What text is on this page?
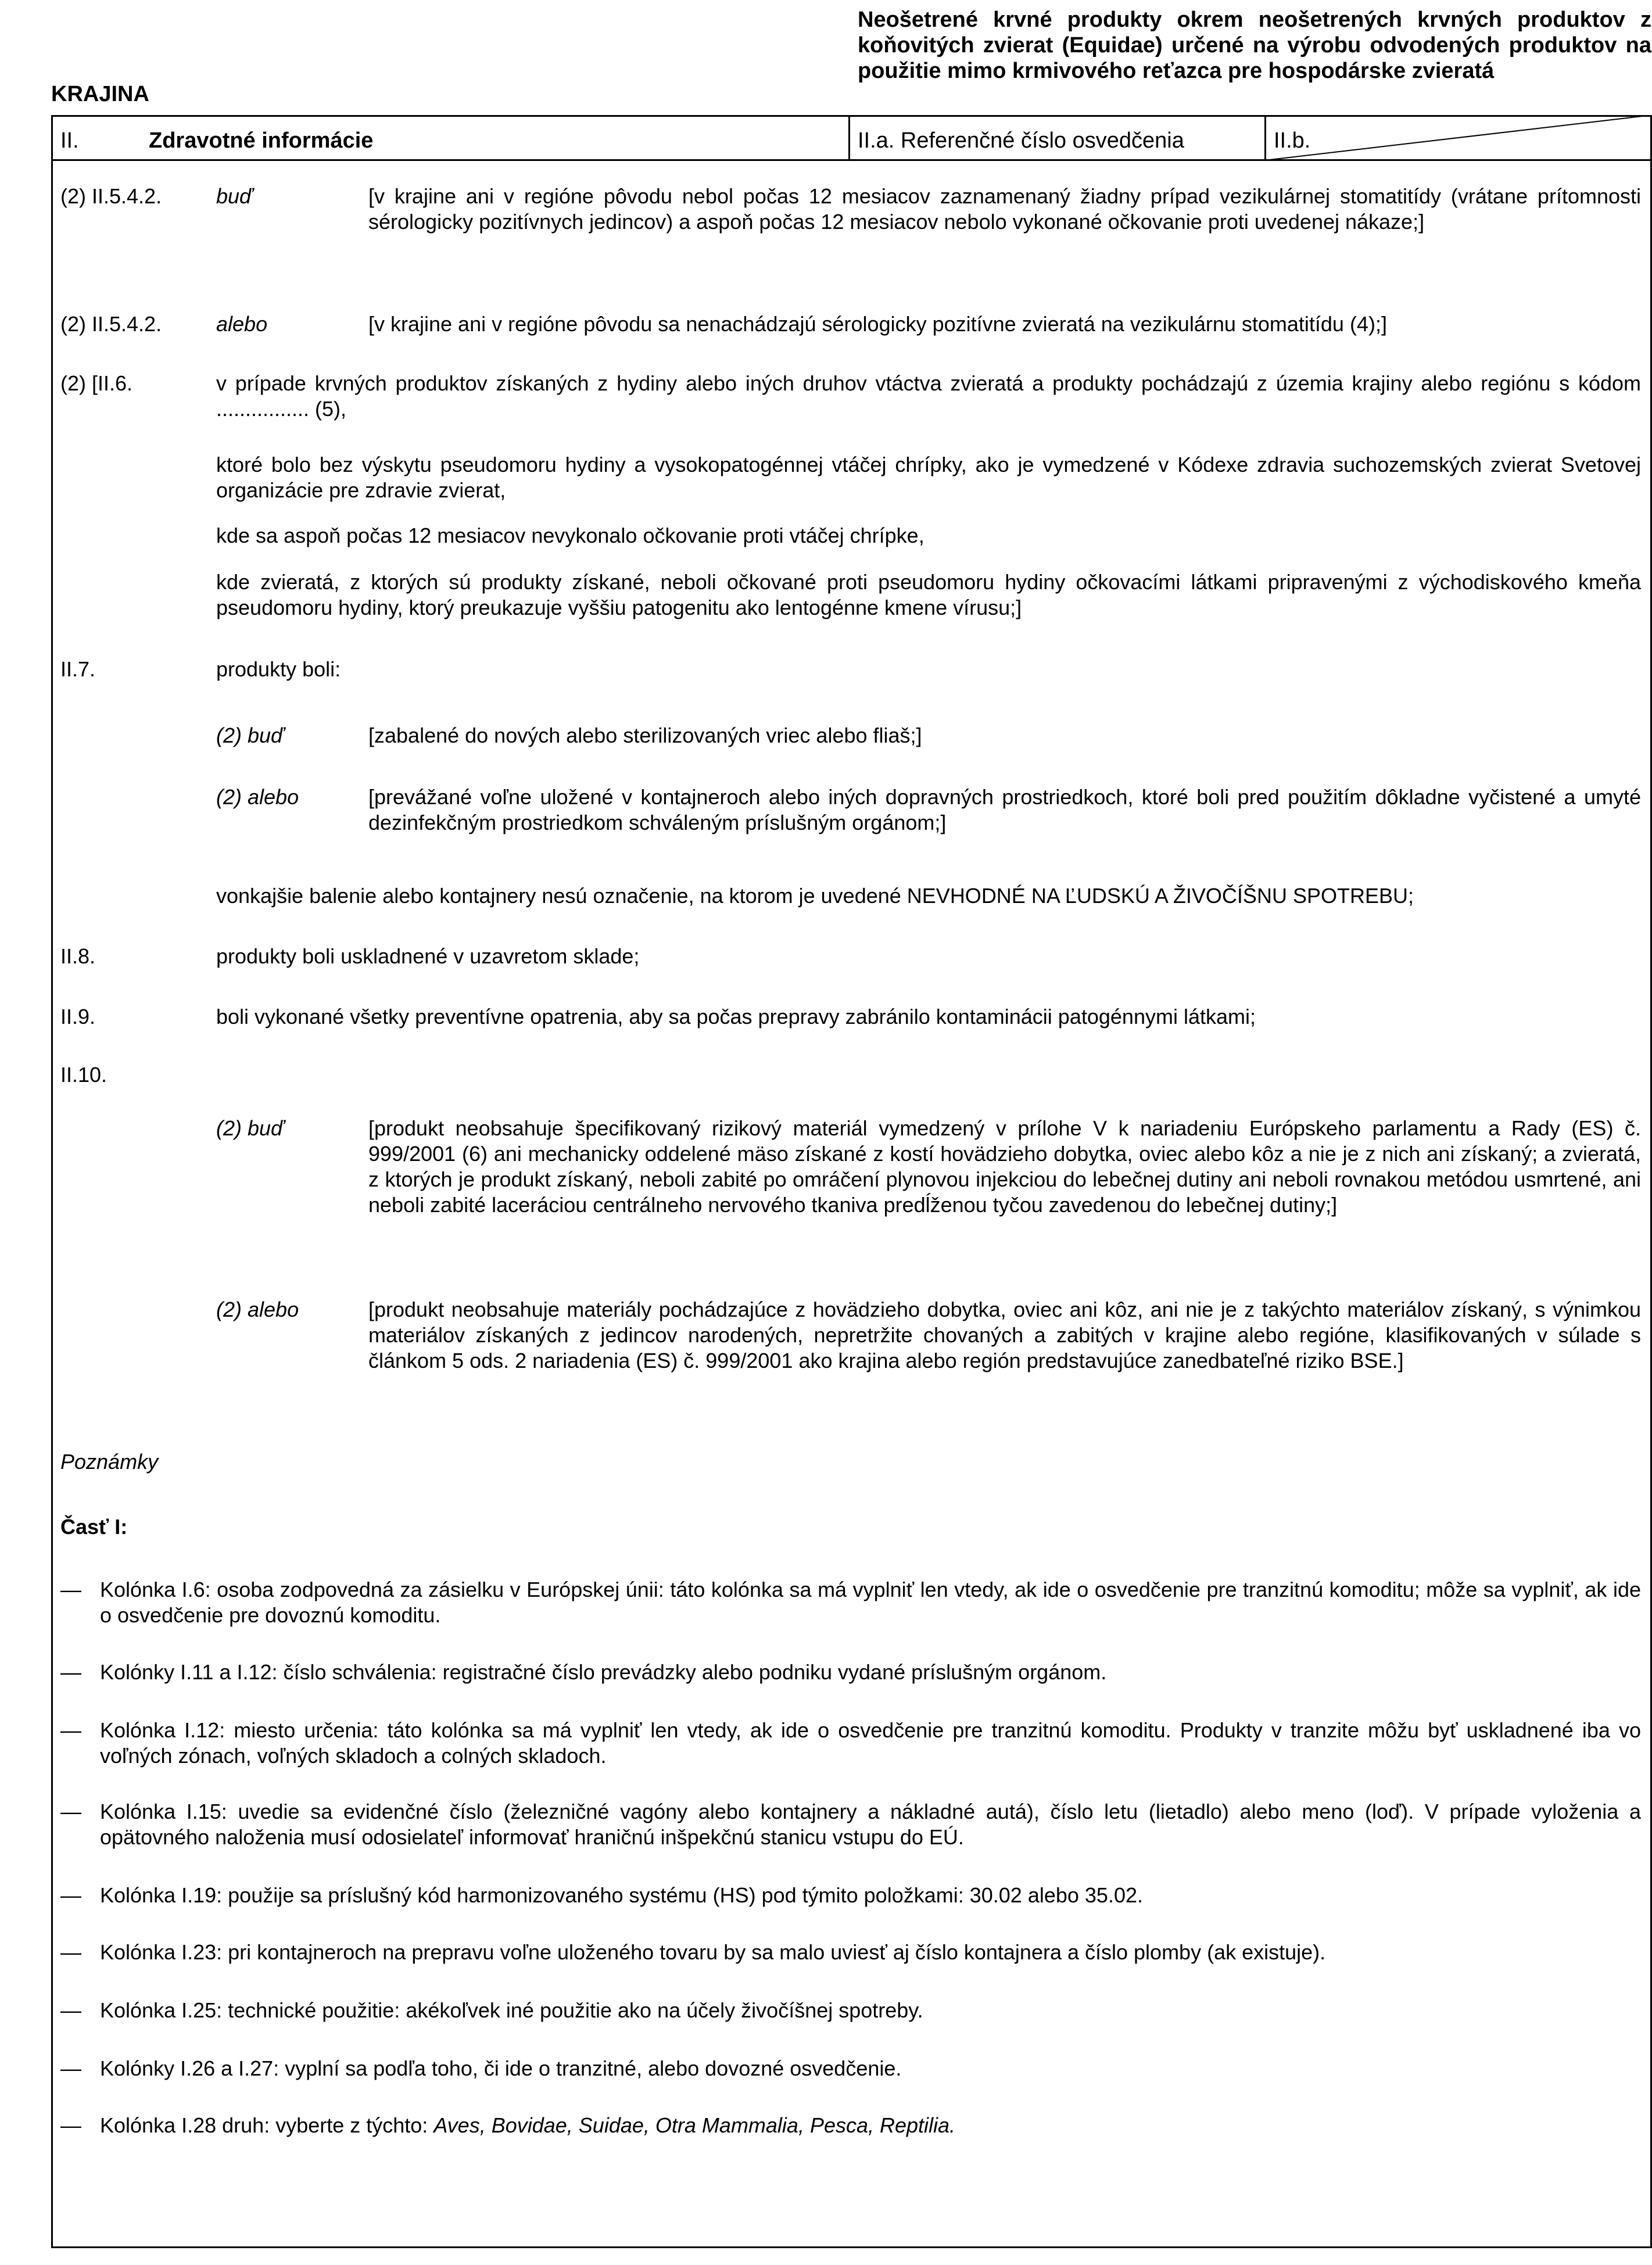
KRAJINA
Neošetrené krvné produkty okrem neošetrených krvných produktov z koňovitých zvierat (Equidae) určené na výrobu odvodených produktov na použitie mimo krmivového reťazca pre hospodárske zvieratá
II.	Zdravotné informácie	II.a. Referenčné číslo osvedčenia	II.b.
(2) II.5.4.2.	buď	[v krajine ani v regióne pôvodu nebol počas 12 mesiacov zaznamenaný žiadny prípad vezikulárnej stomatitídy (vrátane prítomnosti sérologicky pozitívnych jedincov) a aspoň počas 12 mesiacov nebolo vykonané očkovanie proti uvedenej nákaze;]
(2) II.5.4.2.	alebo	[v krajine ani v regióne pôvodu sa nenachádzajú sérologicky pozitívne zvieratá na vezikulárnu stomatitídu (4);]
(2) [II.6.	v prípade krvných produktov získaných z hydiny alebo iných druhov vtáctva zvieratá a produkty pochádzajú z územia krajiny alebo regiónu s kódom ................ (5),
ktoré bolo bez výskytu pseudomoru hydiny a vysokopatogénnej vtáčej chrípky, ako je vymedzené v Kódexe zdravia suchozemských zvierat Svetovej organizácie pre zdravie zvierat,
kde sa aspoň počas 12 mesiacov nevykonalo očkovanie proti vtáčej chrípke,
kde zvieratá, z ktorých sú produkty získané, neboli očkované proti pseudomoru hydiny očkovacími látkami pripravenými z východiskového kmeňa pseudomoru hydiny, ktorý preukazuje vyššiu patogenitu ako lentogénne kmene vírusu;]
II.7.	produkty boli:
(2) buď	[zabalené do nových alebo sterilizovaných vriec alebo fliaš;]
(2) alebo	[prevážané voľne uložené v kontajneroch alebo iných dopravných prostriedkoch, ktoré boli pred použitím dôkladne vyčistené a umyté dezinfekčným prostriedkom schváleným príslušným orgánom;]
vonkajšie balenie alebo kontajnery nesú označenie, na ktorom je uvedené NEVHODNÉ NA ĽUDSKÚ A ŽIVOČÍŠNU SPOTREBU;
II.8.	produkty boli uskladnené v uzavretom sklade;
II.9.	boli vykonané všetky preventívne opatrenia, aby sa počas prepravy zabránilo kontaminácii patogénnymi látkami;
II.10.
(2) buď	[produkt neobsahuje špecifikovaný rizikový materiál vymedzený v prílohe V k nariadeniu Európskeho parlamentu a Rady (ES) č. 999/2001 (6) ani mechanicky oddelené mäso získané z kostí hovädzieho dobytka, oviec alebo kôz a nie je z nich ani získaný; a zvieratá, z ktorých je produkt získaný, neboli zabité po omráčení plynovou injekciou do lebečnej dutiny ani neboli rovnakou metódou usmrtené, ani neboli zabité laceráciou centrálneho nervového tkaniva predĺženou tyčou zavedenou do lebečnej dutiny;]
(2) alebo	[produkt neobsahuje materiály pochádzajúce z hovädzieho dobytka, oviec ani kôz, ani nie je z takýchto materiálov získaný, s výnimkou materiálov získaných z jedincov narodených, nepretržite chovaných a zabitých v krajine alebo regióne, klasifikovaných v súlade s článkom 5 ods. 2 nariadenia (ES) č. 999/2001 ako krajina alebo región predstavujúce zanedbateľné riziko BSE.]
Poznámky
Časť I:
— Kolónka I.6: osoba zodpovedná za zásielku v Európskej únii: táto kolónka sa má vyplniť len vtedy, ak ide o osvedčenie pre tranzitnú komoditu; môže sa vyplniť, ak ide o osvedčenie pre dovoznú komoditu.
— Kolónky I.11 a I.12: číslo schválenia: registračné číslo prevádzky alebo podniku vydané príslušným orgánom.
— Kolónka I.12: miesto určenia: táto kolónka sa má vyplniť len vtedy, ak ide o osvedčenie pre tranzitnú komoditu. Produkty v tranzite môžu byť uskladnené iba vo voľných zónach, voľných skladoch a colných skladoch.
— Kolónka I.15: uvedie sa evidenčné číslo (železničné vagóny alebo kontajnery a nákladné autá), číslo letu (lietadlo) alebo meno (loď). V prípade vyloženia a opätovného naloženia musí odosielateľ informovať hraničnú inšpekčnú stanicu vstupu do EÚ.
— Kolónka I.19: použije sa príslušný kód harmonizovaného systému (HS) pod týmito položkami: 30.02 alebo 35.02.
— Kolónka I.23: pri kontajneroch na prepravu voľne uloženého tovaru by sa malo uviesť aj číslo kontajnera a číslo plomby (ak existuje).
— Kolónka I.25: technické použitie: akékoľvek iné použitie ako na účely živočíšnej spotreby.
— Kolónky I.26 a I.27: vyplní sa podľa toho, či ide o tranzitné, alebo dovozné osvedčenie.
— Kolónka I.28 druh: vyberte z týchto: Aves, Bovidae, Suidae, Otra Mammalia, Pesca, Reptilia.
